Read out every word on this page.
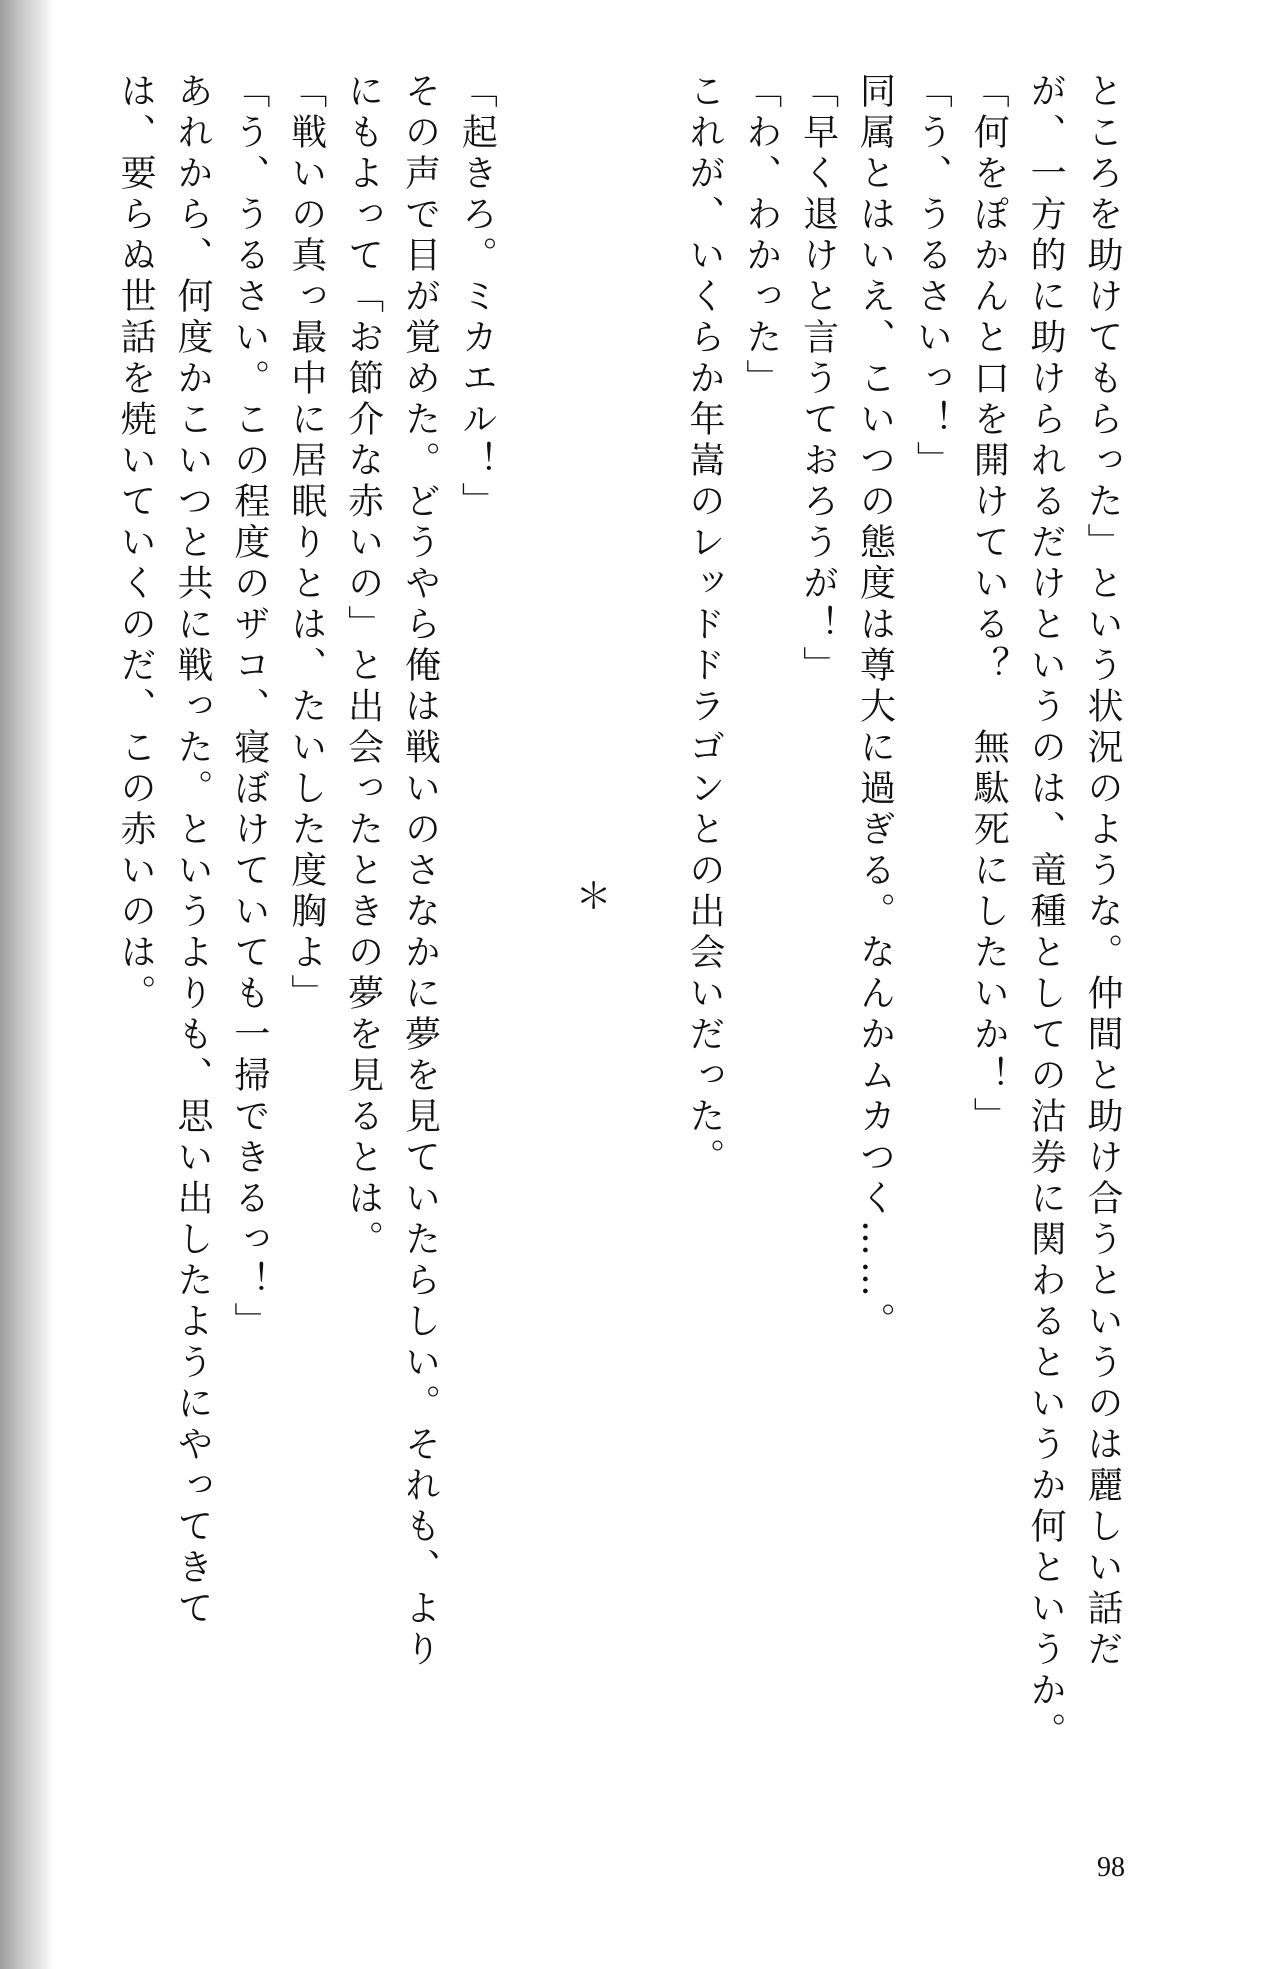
ところを助けてもらった」という状況のような。仲間と助け合うというのは麗しい話だ

が、一方的に助けられるだけというのは、竜種としての沽券に関わるというか何というか。

「何をぽかんと口を開けている？　無駄死にしたいか！」

「う、うるさいっ！」

同属とはいえ、こいつの態度は尊大に過ぎる。なんかムカつく……。

「早く退けと言うておろうが！」

「わ、わかった」

これが、いくらか年嵩のレッドドラゴンとの出会いだった。

＊

「起きろ。ミカエル！」

その声で目が覚めた。どうやら俺は戦いのさなかに夢を見ていたらしい。それも、より

にもよって「お節介な赤いの」と出会ったときの夢を見るとは。

「戦いの真っ最中に居眠りとは、たいした度胸よ」

「う、うるさい。この程度のザコ、寝ぼけていても一掃できるっ！」

あれから、何度かこいつと共に戦った。というよりも、思い出したようにやってきて

は、要らぬ世話を焼いていくのだ、この赤いのは。

98
